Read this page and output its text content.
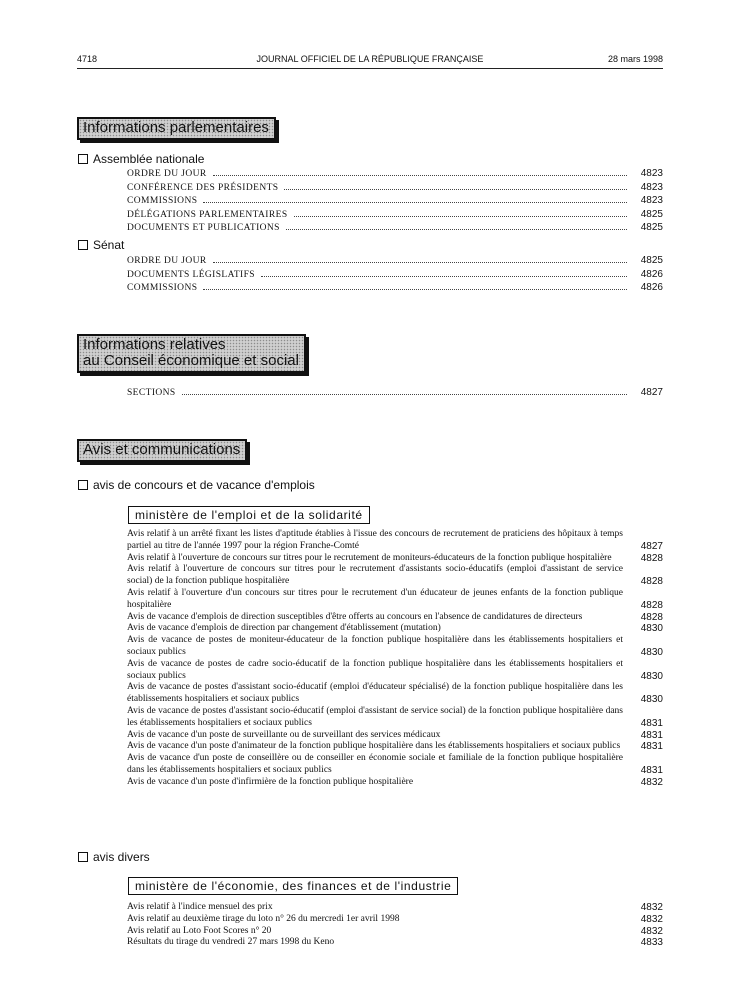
4718	JOURNAL OFFICIEL DE LA RÉPUBLIQUE FRANÇAISE	28 mars 1998
Informations parlementaires
Assemblée nationale
ORDRE DU JOUR	4823
CONFÉRENCE DES PRÉSIDENTS	4823
COMMISSIONS	4823
DÉLÉGATIONS PARLEMENTAIRES	4825
DOCUMENTS ET PUBLICATIONS	4825
Sénat
ORDRE DU JOUR	4825
DOCUMENTS LÉGISLATIFS	4826
COMMISSIONS	4826
Informations relatives
au Conseil économique et social
SECTIONS	4827
Avis et communications
avis de concours et de vacance d'emplois
ministère de l'emploi et de la solidarité
Avis relatif à un arrêté fixant les listes d'aptitude établies à l'issue des concours de recrutement de praticiens des hôpitaux à temps partiel au titre de l'année 1997 pour la région Franche-Comté	4827
Avis relatif à l'ouverture de concours sur titres pour le recrutement de moniteurs-éducateurs de la fonction publique hospitalière	4828
Avis relatif à l'ouverture de concours sur titres pour le recrutement d'assistants socio-éducatifs (emploi d'assistant de service social) de la fonction publique hospitalière	4828
Avis relatif à l'ouverture d'un concours sur titres pour le recrutement d'un éducateur de jeunes enfants de la fonction publique hospitalière	4828
Avis de vacance d'emplois de direction susceptibles d'être offerts au concours en l'absence de candidatures de directeurs	4828
Avis de vacance d'emplois de direction par changement d'établissement (mutation)	4830
Avis de vacance de postes de moniteur-éducateur de la fonction publique hospitalière dans les établissements hospitaliers et sociaux publics	4830
Avis de vacance de postes de cadre socio-éducatif de la fonction publique hospitalière dans les établissements hospitaliers et sociaux publics	4830
Avis de vacance de postes d'assistant socio-éducatif (emploi d'éducateur spécialisé) de la fonction publique hospitalière dans les établissements hospitaliers et sociaux publics	4830
Avis de vacance de postes d'assistant socio-éducatif (emploi d'assistant de service social) de la fonction publique hospitalière dans les établissements hospitaliers et sociaux publics	4831
Avis de vacance d'un poste de surveillante ou de surveillant des services médicaux	4831
Avis de vacance d'un poste d'animateur de la fonction publique hospitalière dans les établissements hospitaliers et sociaux publics	4831
Avis de vacance d'un poste de conseillère ou de conseiller en économie sociale et familiale de la fonction publique hospitalière dans les établissements hospitaliers et sociaux publics	4831
Avis de vacance d'un poste d'infirmière de la fonction publique hospitalière	4832
avis divers
ministère de l'économie, des finances et de l'industrie
Avis relatif à l'indice mensuel des prix	4832
Avis relatif au deuxième tirage du loto n° 26 du mercredi 1er avril 1998	4832
Avis relatif au Loto Foot Scores n° 20	4832
Résultats du tirage du vendredi 27 mars 1998 du Keno	4833
